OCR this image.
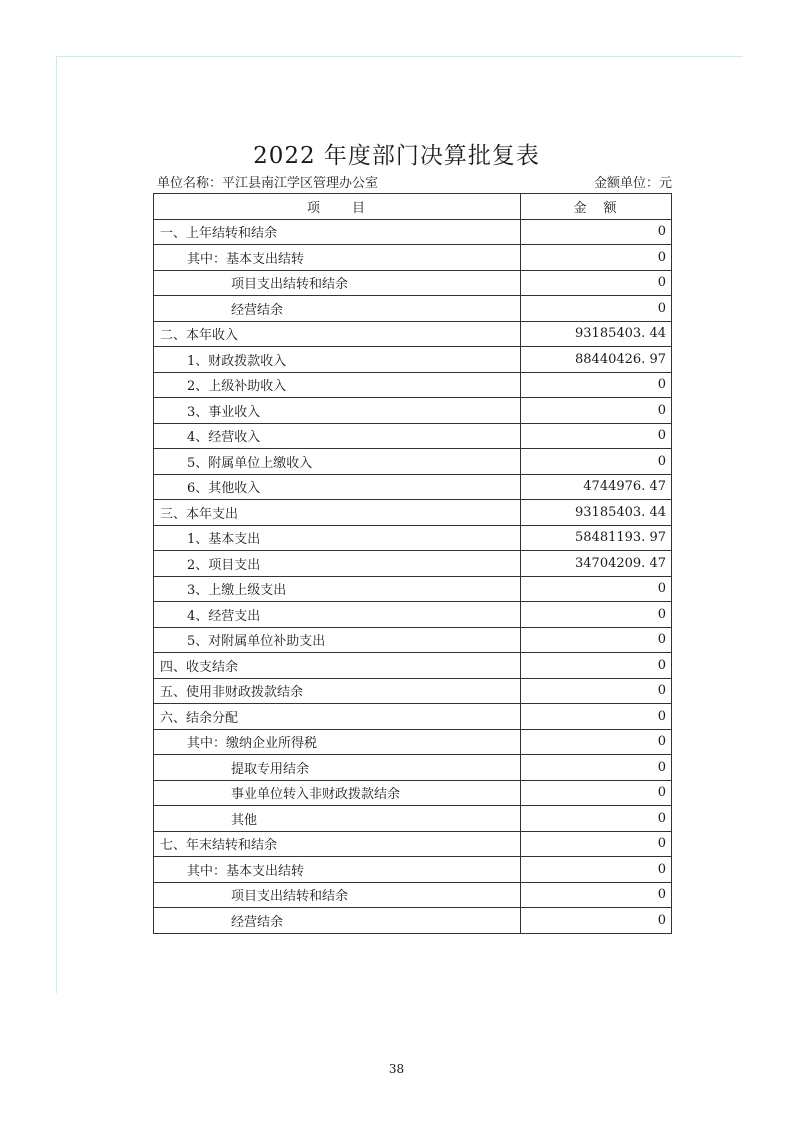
2022 年度部门决算批复表
单位名称：平江县南江学区管理办公室	金额单位：元
项　　目	金　额
一、上年结转和结余	0
其中：基本支出结转	0
项目支出结转和结余	0
经营结余	0
二、本年收入	93185403. 44
1、财政拨款收入	88440426. 97
2、上级补助收入	0
3、事业收入	0
4、经营收入	0
5、附属单位上缴收入	0
6、其他收入	4744976. 47
三、本年支出	93185403. 44
1、基本支出	58481193. 97
2、项目支出	34704209. 47
3、上缴上级支出	0
4、经营支出	0
5、对附属单位补助支出	0
四、收支结余	0
五、使用非财政拨款结余	0
六、结余分配	0
其中：缴纳企业所得税	0
提取专用结余	0
事业单位转入非财政拨款结余	0
其他	0
七、年末结转和结余	0
其中：基本支出结转	0
项目支出结转和结余	0
经营结余	0
38
